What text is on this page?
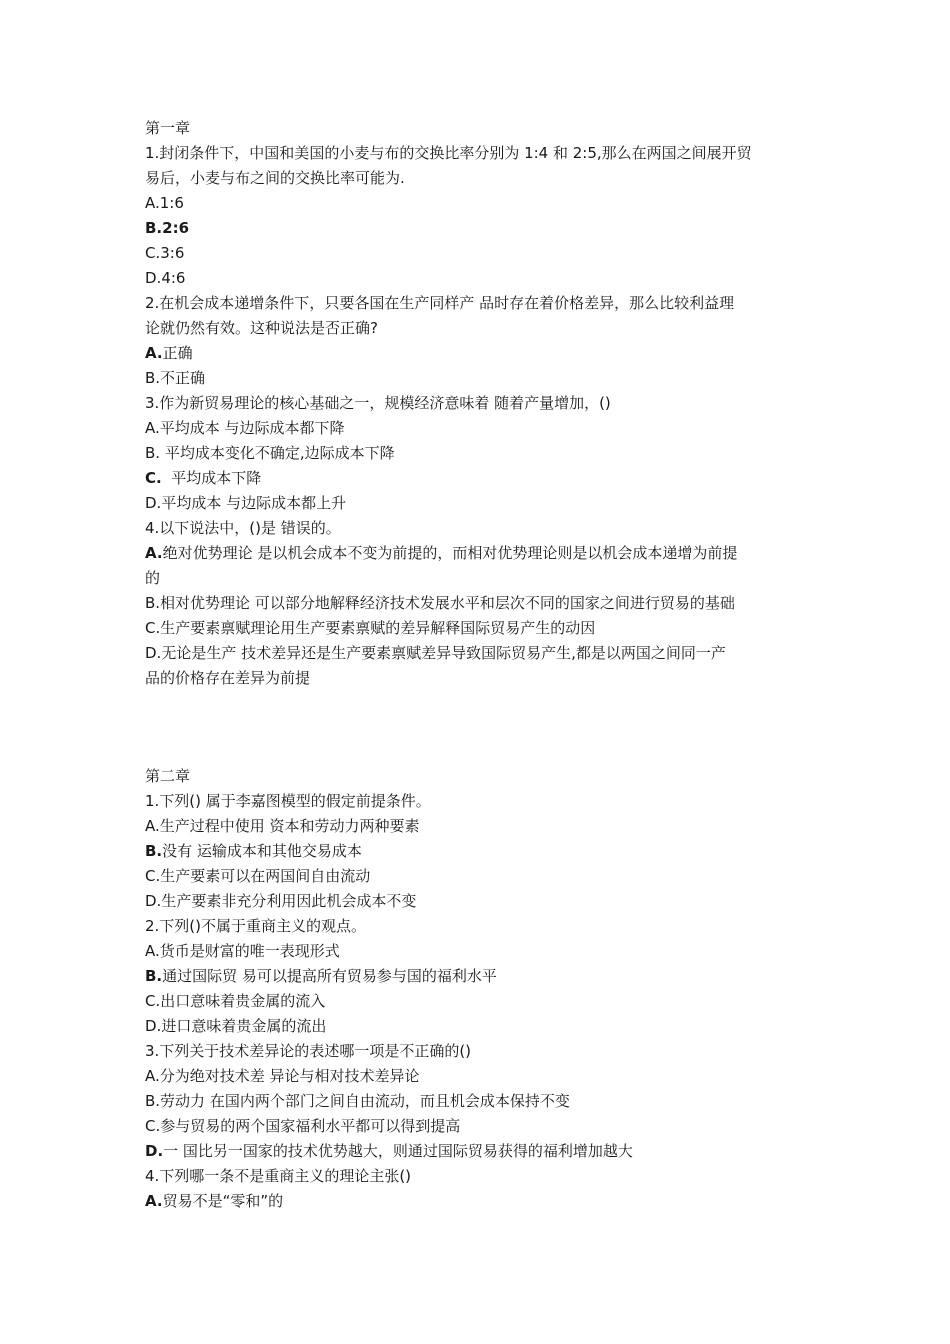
第一章
1.封闭条件下，中国和美国的小麦与布的交换比率分别为 1:4 和 2:5,那么在两国之间展开贸
易后，小麦与布之间的交换比率可能为.
A.1:6
B.2:6
C.3:6
D.4:6
2.在机会成本递增条件下，只要各国在生产同样产 品时存在着价格差异，那么比较利益理
论就仍然有效。这种说法是否正确?
A.正确
B.不正确
3.作为新贸易理论的核心基础之一，规模经济意味着 随着产量增加，()
A.平均成本 与边际成本都下降
B. 平均成本变化不确定,边际成本下降
C.  平均成本下降
D.平均成本 与边际成本都上升
4.以下说法中，()是 错误的。
A.绝对优势理论 是以机会成本不变为前提的，而相对优势理论则是以机会成本递增为前提
的
B.相对优势理论 可以部分地解释经济技术发展水平和层次不同的国家之间进行贸易的基础
C.生产要素禀赋理论用生产要素禀赋的差异解释国际贸易产生的动因
D.无论是生产 技术差异还是生产要素禀赋差异导致国际贸易产生,都是以两国之间同一产
品的价格存在差异为前提
第二章
1.下列() 属于李嘉图模型的假定前提条件。
A.生产过程中使用 资本和劳动力两种要素
B.没有 运输成本和其他交易成本
C.生产要素可以在两国间自由流动
D.生产要素非充分利用因此机会成本不变
2.下列()不属于重商主义的观点。
A.货币是财富的唯一表现形式
B.通过国际贸 易可以提高所有贸易参与国的福利水平
C.出口意味着贵金属的流入
D.进口意味着贵金属的流出
3.下列关于技术差异论的表述哪一项是不正确的()
A.分为绝对技术差 异论与相对技术差异论
B.劳动力 在国内两个部门之间自由流动，而且机会成本保持不变
C.参与贸易的两个国家福利水平都可以得到提高
D.一 国比另一国家的技术优势越大，则通过国际贸易获得的福利增加越大
4.下列哪一条不是重商主义的理论主张()
A.贸易不是“零和”的
